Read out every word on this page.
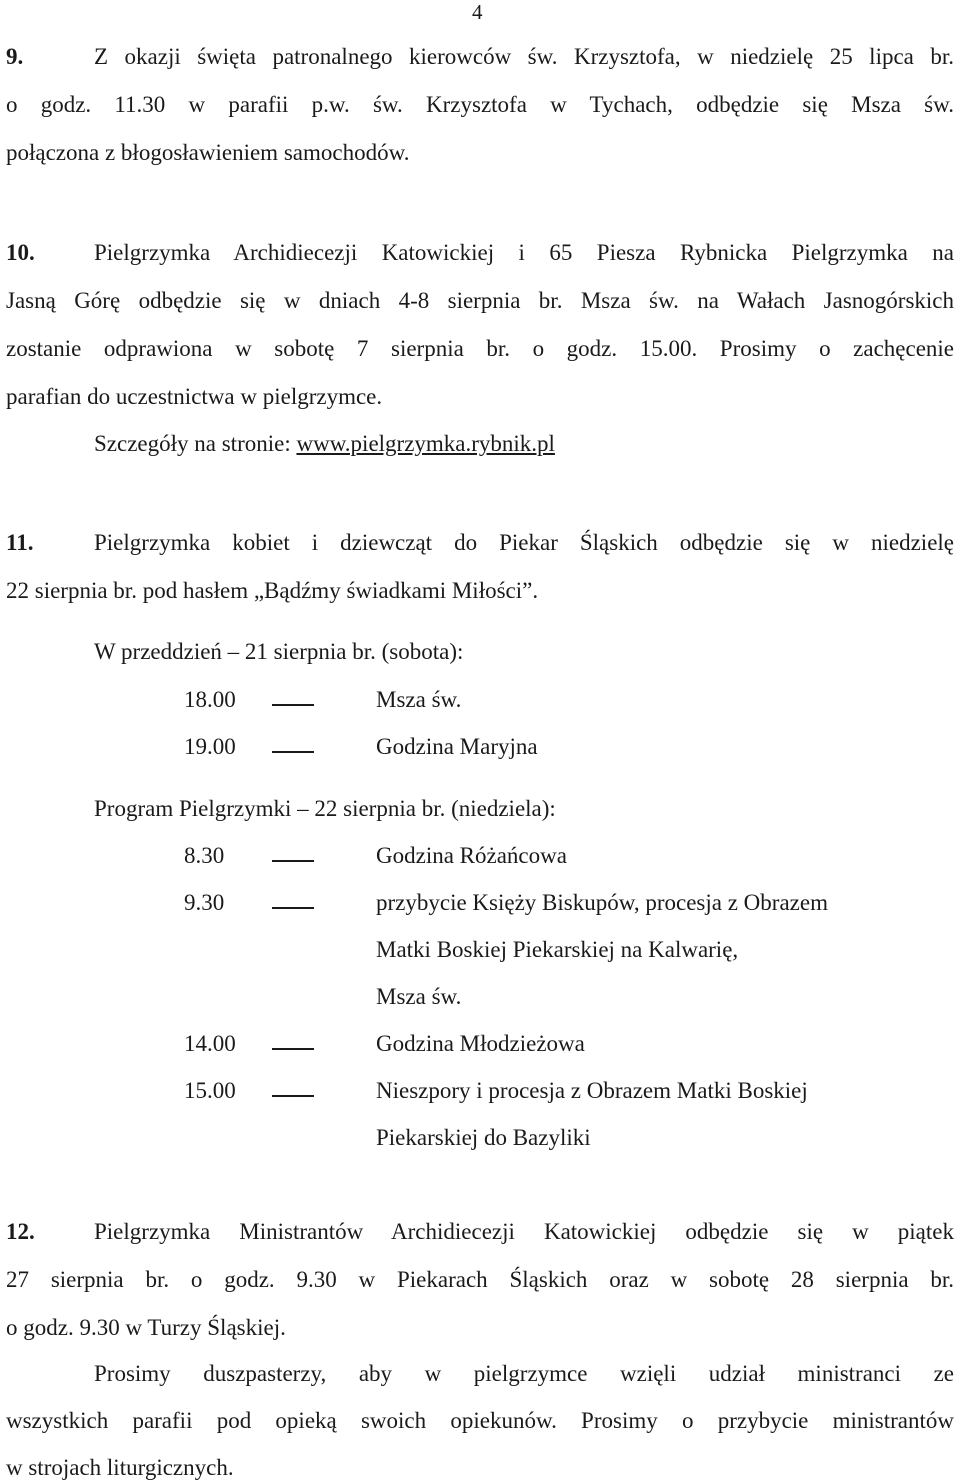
4
9.	Z okazji święta patronalnego kierowców św. Krzysztofa, w niedzielę 25 lipca br.
o godz. 11.30 w parafii p.w. św. Krzysztofa w Tychach, odbędzie się Msza św.
połączona z błogosławieniem samochodów.
10.	Pielgrzymka Archidiecezji Katowickiej i 65 Piesza Rybnicka Pielgrzymka na
Jasną Górę odbędzie się w dniach 4-8 sierpnia br. Msza św. na Wałach Jasnogórskich
zostanie odprawiona w sobotę 7 sierpnia br. o godz. 15.00. Prosimy o zachęcenie
parafian do uczestnictwa w pielgrzymce.
Szczegóły na stronie: www.pielgrzymka.rybnik.pl
11.	Pielgrzymka kobiet i dziewcząt do Piekar Śląskich odbędzie się w niedzielę
22 sierpnia br. pod hasłem „Bądźmy świadkami Miłości”.
W przeddzień – 21 sierpnia br. (sobota):
18.00	Msza św.
19.00	Godzina Maryjna
Program Pielgrzymki – 22 sierpnia br. (niedziela):
8.30	Godzina Różańcowa
9.30	przybycie Księży Biskupów, procesja z Obrazem
Matki Boskiej Piekarskiej na Kalwarię,
Msza św.
14.00	Godzina Młodzieżowa
15.00	Nieszpory i procesja z Obrazem Matki Boskiej
Piekarskiej do Bazyliki
12.	Pielgrzymka Ministrantów Archidiecezji Katowickiej odbędzie się w piątek
27 sierpnia br. o godz. 9.30 w Piekarach Śląskich oraz w sobotę 28 sierpnia br.
o godz. 9.30 w Turzy Śląskiej.
Prosimy duszpasterzy, aby w pielgrzymce wzięli udział ministranci ze
wszystkich parafii pod opieką swoich opiekunów. Prosimy o przybycie ministrantów
w strojach liturgicznych.
